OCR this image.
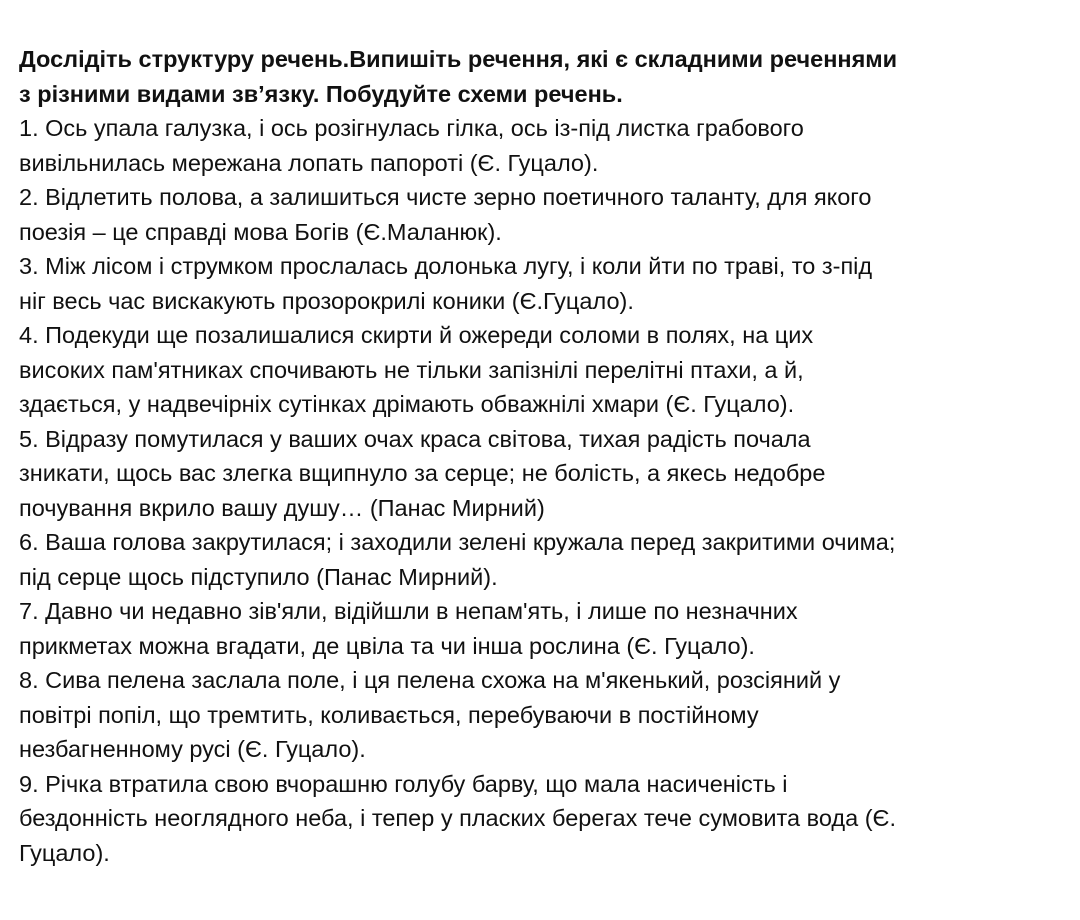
Дослідіть структуру речень.Випишіть речення, які є складними реченнями

з різними видами зв’язку. Побудуйте схеми речень.

1. Ось упала галузка, і ось розігнулась гілка, ось із-під листка грабового

вивільнилась мережана лопать папороті (Є. Гуцало).

2. Відлетить полова, а залишиться чисте зерно поетичного таланту, для якого

поезія – це справді мова Богів (Є.Маланюк).

3. Між лісом і струмком прослалась долонька лугу, і коли йти по траві, то з-під

ніг весь час вискакують прозорокрилі коники (Є.Гуцало).

4. Подекуди ще позалишалися скирти й ожереди соломи в полях, на цих

високих пам'ятниках спочивають не тільки запізнілі перелітні птахи, а й,

здається, у надвечірніх сутінках дрімають обважнілі хмари (Є. Гуцало).

5. Відразу помутилася у ваших очах краса світова, тихая радість почала

зникати, щось вас злегка вщипнуло за серце; не болість, а якесь недобре

почування вкрило вашу душу… (Панас Мирний)

6. Ваша голова закрутилася; і заходили зелені кружала перед закритими очима;

під серце щось підступило (Панас Мирний).

7. Давно чи недавно зів'яли, відійшли в непам'ять, і лише по незначних

прикметах можна вгадати, де цвіла та чи інша рослина (Є. Гуцало).

8. Сива пелена заслала поле, і ця пелена схожа на м'якенький, розсіяний у

повітрі попіл, що тремтить, коливається, перебуваючи в постійному

незбагненному русі (Є. Гуцало).

9. Річка втратила свою вчорашню голубу барву, що мала насиченість і

бездонність неоглядного неба, і тепер у пласких берегах тече сумовита вода (Є.

Гуцало).
